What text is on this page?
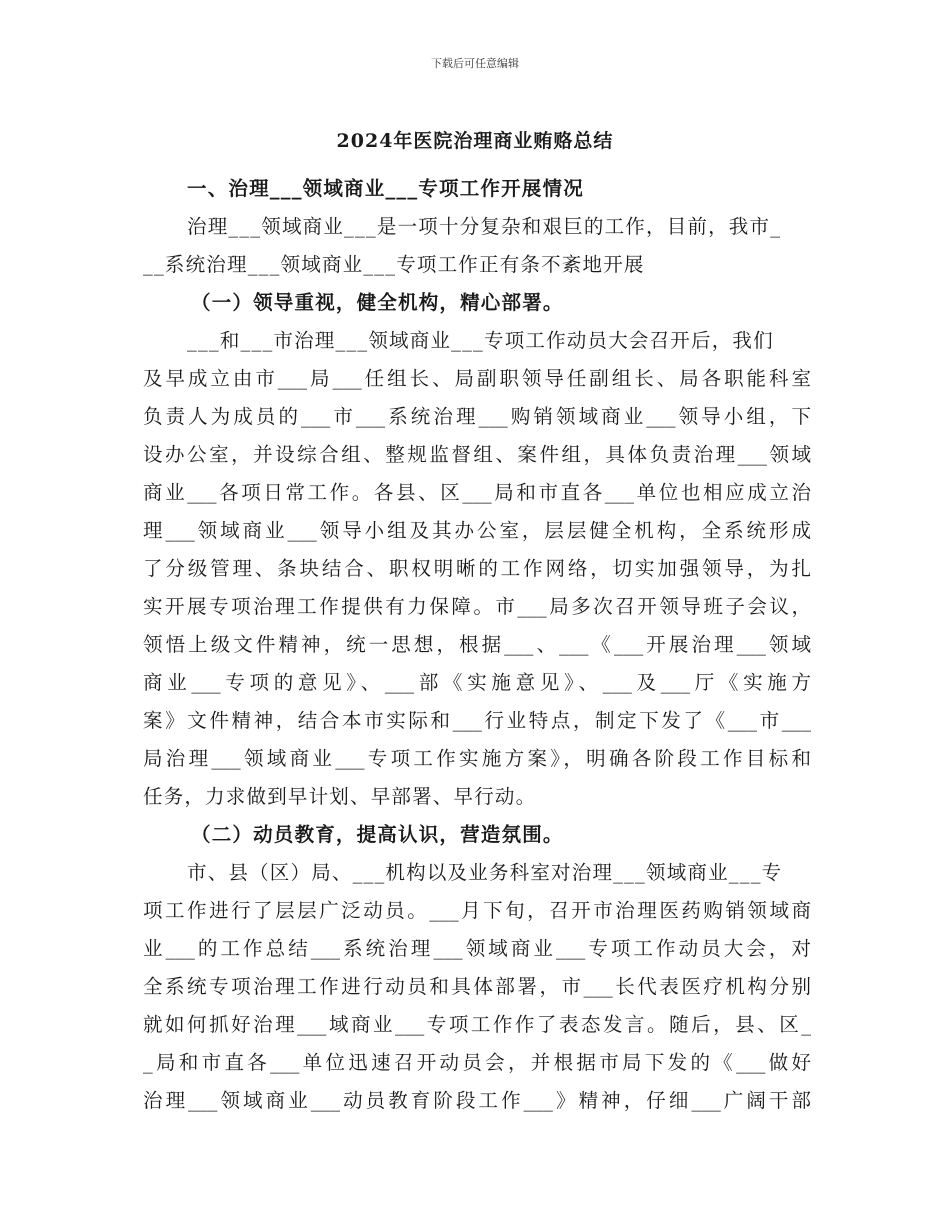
下载后可任意编辑
2024年医院治理商业贿赂总结
一、治理___领域商业___专项工作开展情况
治理___领域商业___是一项十分复杂和艰巨的工作，目前，我市_
__系统治理___领域商业___专项工作正有条不紊地开展
（一）领导重视，健全机构，精心部署。
___和___市治理___领域商业___专项工作动员大会召开后，我们
及早成立由市___局___任组长、局副职领导任副组长、局各职能科室
负责人为成员的___市___系统治理___购销领域商业___领导小组，下
设办公室，并设综合组、整规监督组、案件组，具体负责治理___领域
商业___各项日常工作。各县、区___局和市直各___单位也相应成立治
理___领域商业___领导小组及其办公室，层层健全机构，全系统形成
了分级管理、条块结合、职权明晰的工作网络，切实加强领导，为扎
实开展专项治理工作提供有力保障。市___局多次召开领导班子会议，
领悟上级文件精神，统一思想，根据___、___《___开展治理___领域
商业___专项的意见》、___部《实施意见》、___及___厅《实施方
案》文件精神，结合本市实际和___行业特点，制定下发了《___市___
局治理___领域商业___专项工作实施方案》，明确各阶段工作目标和
任务，力求做到早计划、早部署、早行动。
（二）动员教育，提高认识，营造氛围。
市、县（区）局、___机构以及业务科室对治理___领域商业___专
项工作进行了层层广泛动员。___月下旬，召开市治理医药购销领域商
业___的工作总结___系统治理___领域商业___专项工作动员大会，对
全系统专项治理工作进行动员和具体部署，市___长代表医疗机构分别
就如何抓好治理___域商业___专项工作作了表态发言。随后，县、区_
_局和市直各___单位迅速召开动员会，并根据市局下发的《___做好
治理___领域商业___动员教育阶段工作___》精神，仔细___广阔干部
